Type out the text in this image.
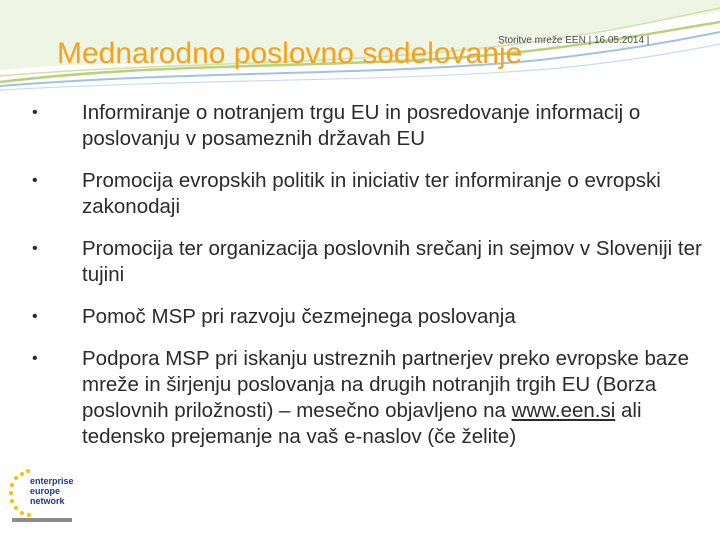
Storitve mreže EEN | 16.05.2014 |
Mednarodno poslovno sodelovanje
• Informiranje o notranjem trgu EU in posredovanje informacij o poslovanju v posameznih državah EU
• Promocija evropskih politik in iniciativ ter informiranje o evropski zakonodaji
• Promocija ter organizacija poslovnih srečanj in sejmov v Sloveniji ter tujini
• Pomoč MSP pri razvoju čezmejnega poslovanja
• Podpora MSP pri iskanju ustreznih partnerjev preko evropske baze mreže in širjenju poslovanja na drugih notranjih trgih EU (Borza poslovnih priložnosti) – mesečno objavljeno na www.een.si ali tedensko prejemanje na vaš e-naslov (če želite)
enterprise
europe
network
